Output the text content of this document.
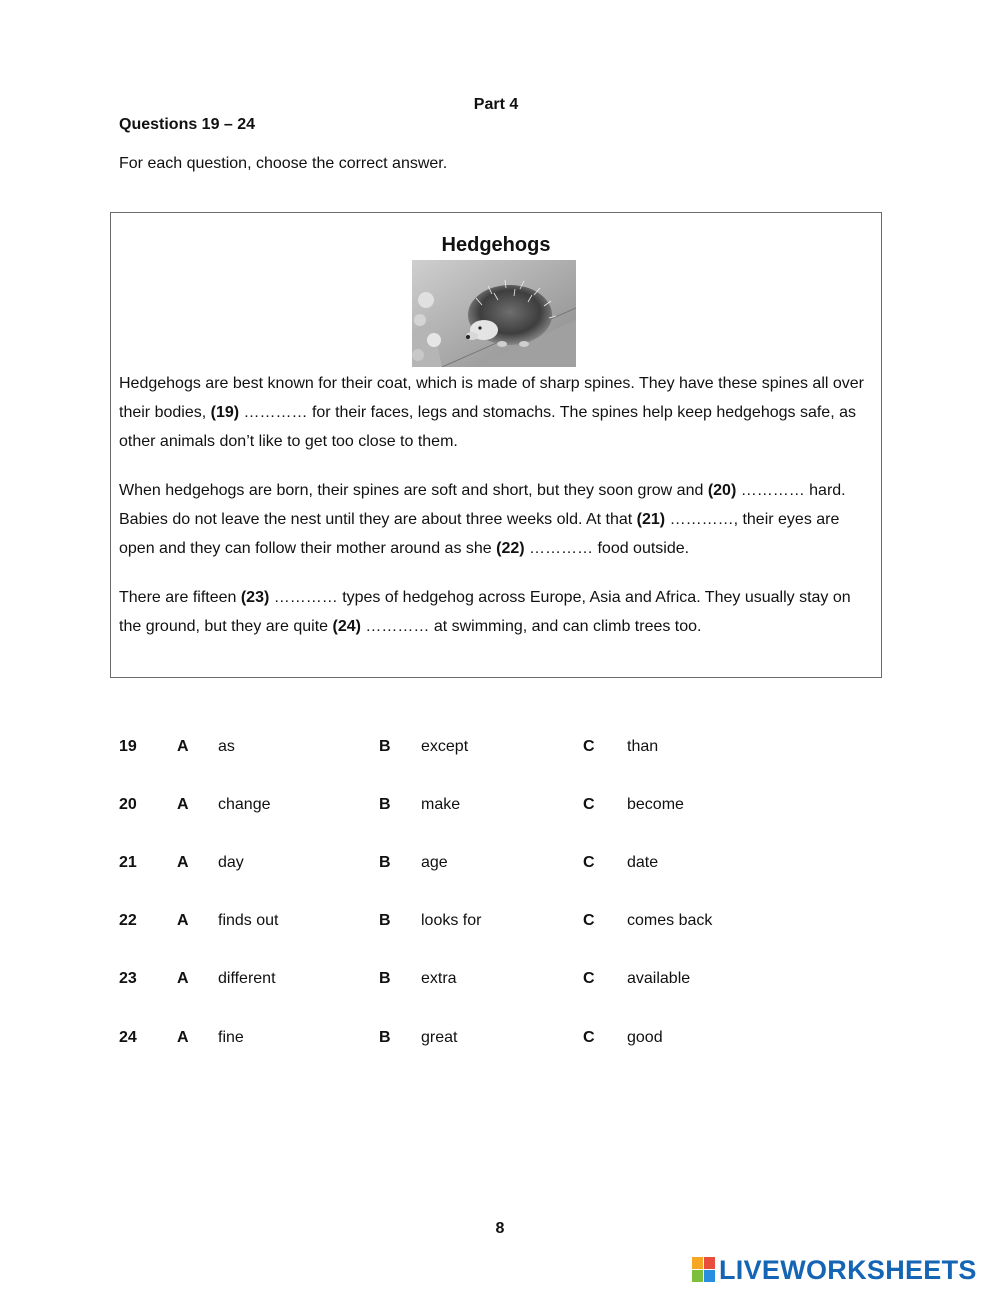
Part 4
Questions 19 – 24
For each question, choose the correct answer.
Hedgehogs

Hedgehogs are best known for their coat, which is made of sharp spines. They have these spines all over their bodies, (19) ………… for their faces, legs and stomachs. The spines help keep hedgehogs safe, as other animals don’t like to get too close to them.

When hedgehogs are born, their spines are soft and short, but they soon grow and (20) ………… hard. Babies do not leave the nest until they are about three weeks old. At that (21) …………, their eyes are open and they can follow their mother around as she (22) ………… food outside.

There are fifteen (23) ………… types of hedgehog across Europe, Asia and Africa. They usually stay on the ground, but they are quite (24) ………… at swimming, and can climb trees too.

19	A as	B except	C than
20	A change	B make	C become
21	A day	B age	C date
22	A finds out	B looks for	C comes back
23	A different	B extra	C available
24	A fine	B great	C good
8
LIVEWORKSHEETS
